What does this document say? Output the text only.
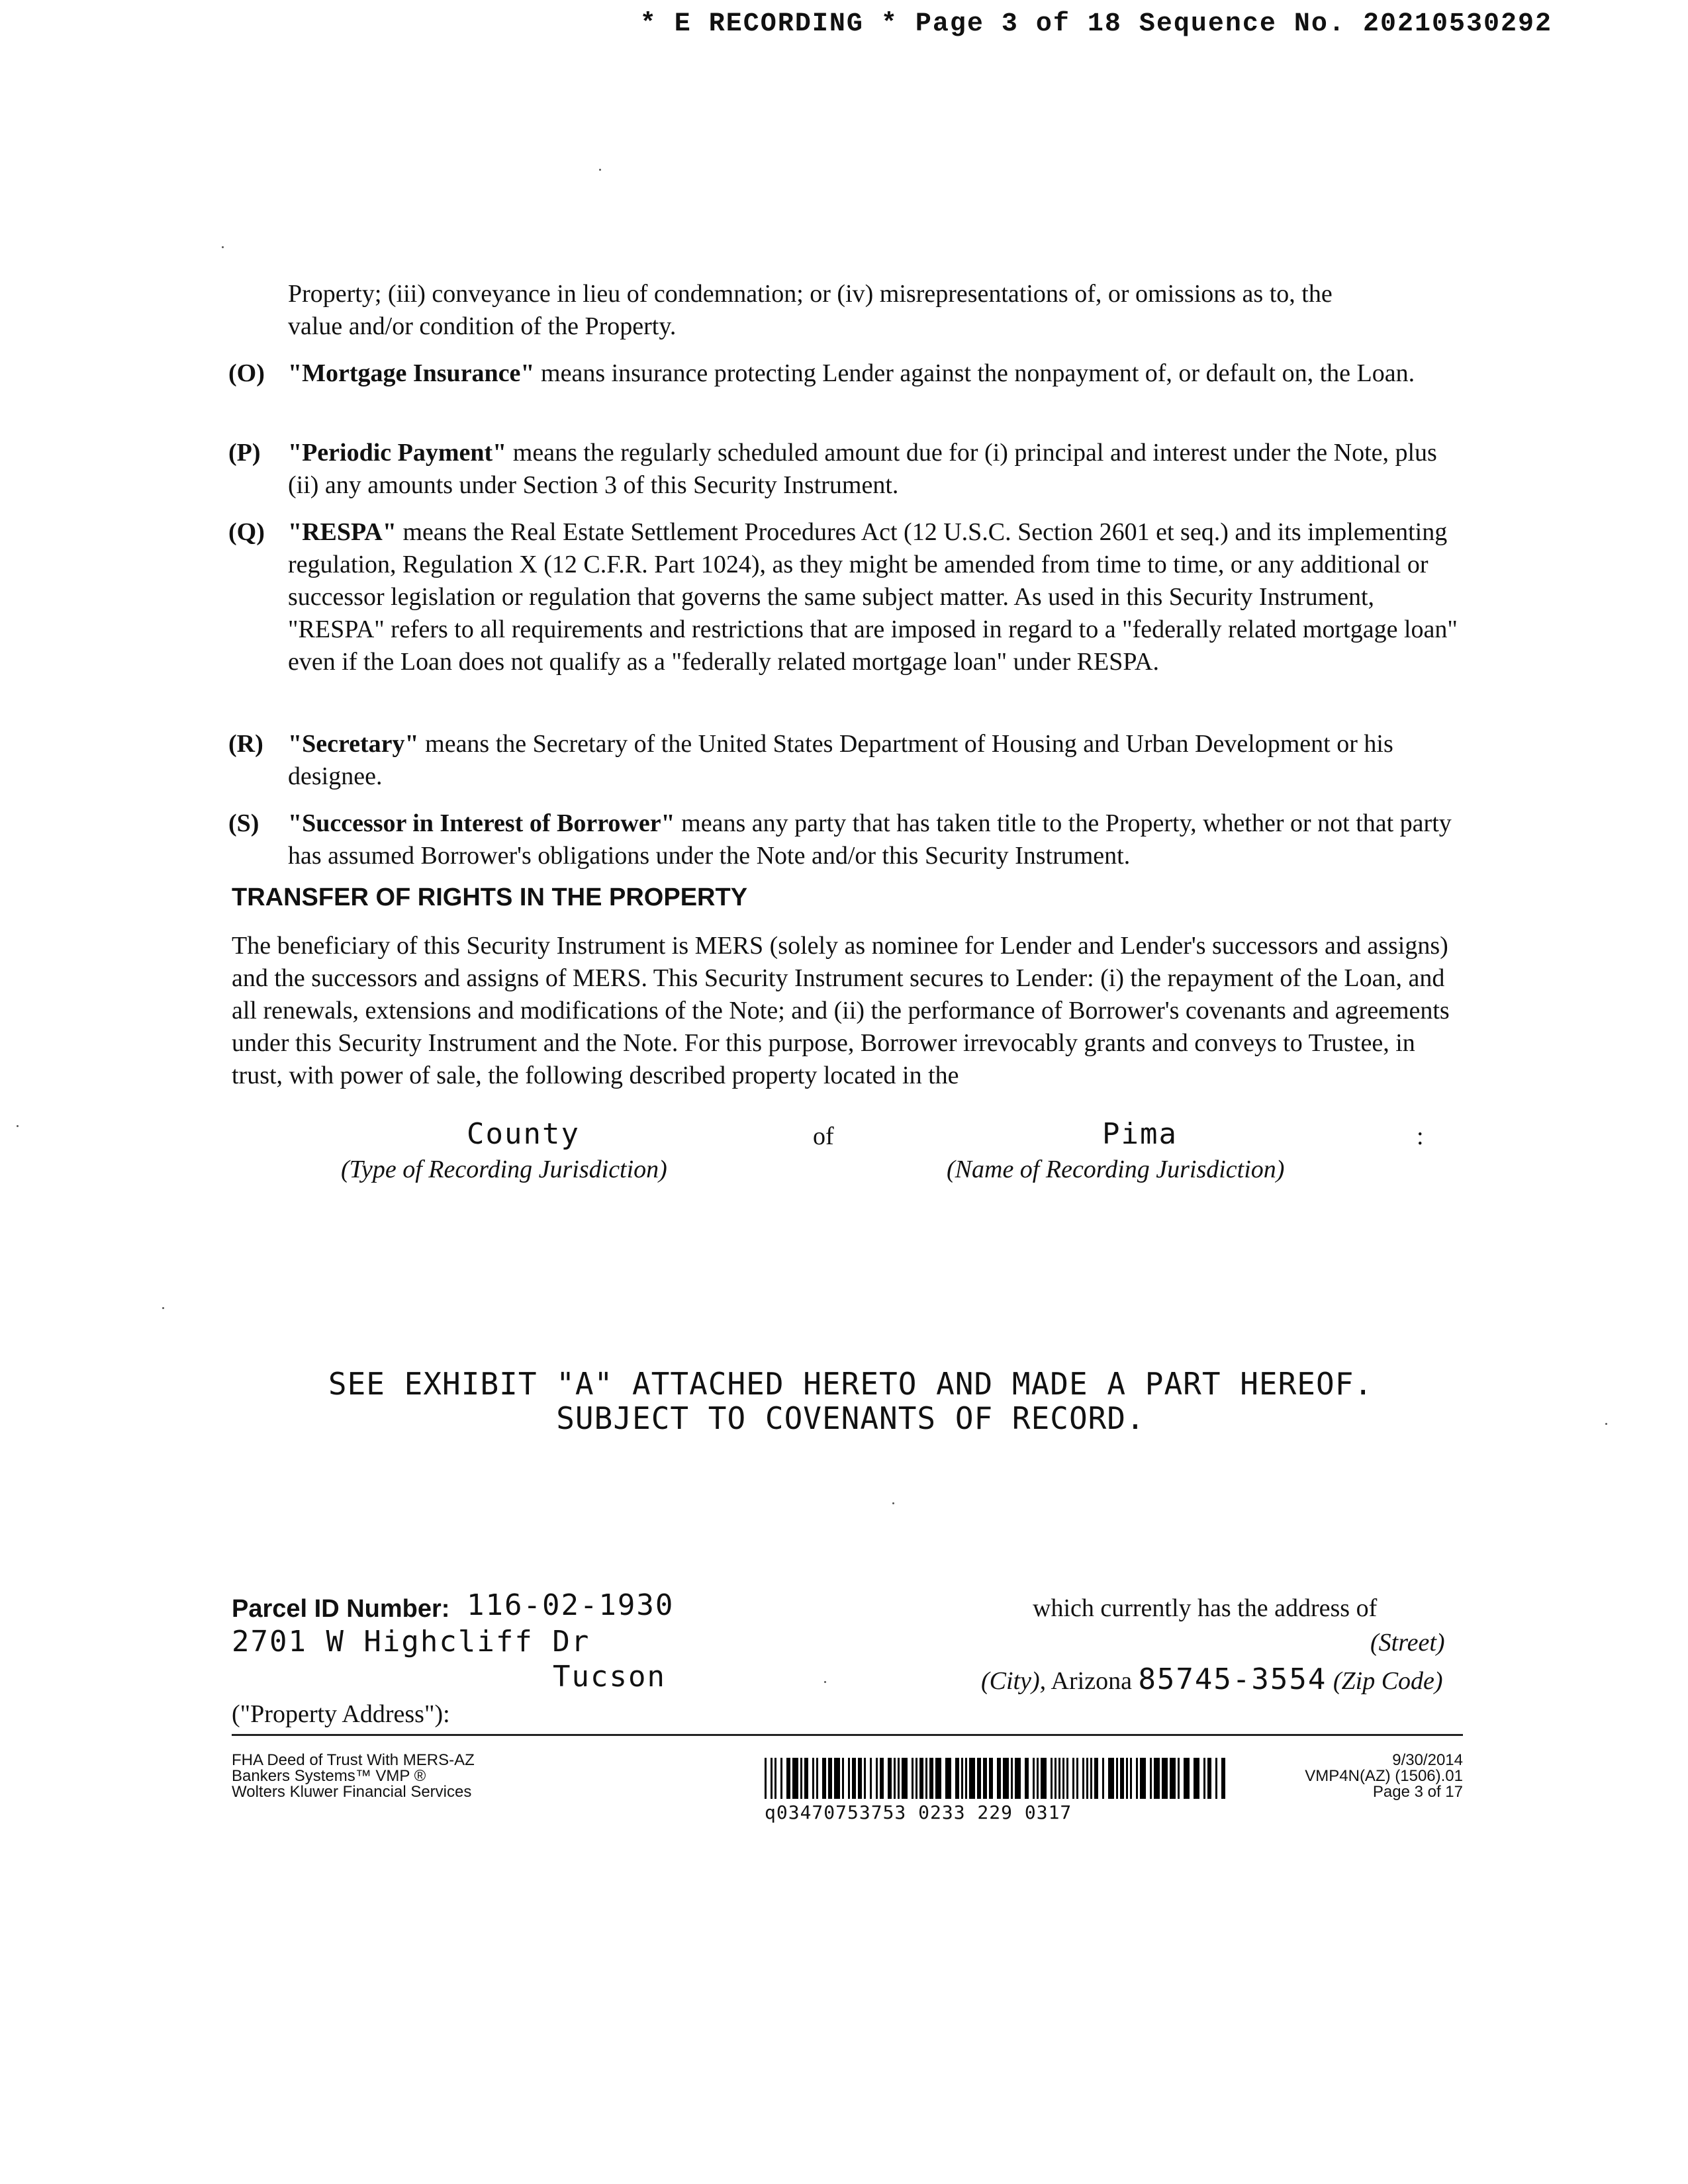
* E RECORDING * Page 3 of 18 Sequence No. 20210530292
Property; (iii) conveyance in lieu of condemnation; or (iv) misrepresentations of, or omissions as to, the
value and/or condition of the Property.
(O) "Mortgage Insurance" means insurance protecting Lender against the nonpayment of, or default on, the Loan.
(P) "Periodic Payment" means the regularly scheduled amount due for (i) principal and interest under the Note, plus (ii) any amounts under Section 3 of this Security Instrument.
(Q) "RESPA" means the Real Estate Settlement Procedures Act (12 U.S.C. Section 2601 et seq.) and its implementing regulation, Regulation X (12 C.F.R. Part 1024), as they might be amended from time to time, or any additional or successor legislation or regulation that governs the same subject matter. As used in this Security Instrument, "RESPA" refers to all requirements and restrictions that are imposed in regard to a "federally related mortgage loan" even if the Loan does not qualify as a "federally related mortgage loan" under RESPA.
(R) "Secretary" means the Secretary of the United States Department of Housing and Urban Development or his designee.
(S) "Successor in Interest of Borrower" means any party that has taken title to the Property, whether or not that party has assumed Borrower's obligations under the Note and/or this Security Instrument.
TRANSFER OF RIGHTS IN THE PROPERTY
The beneficiary of this Security Instrument is MERS (solely as nominee for Lender and Lender's successors and assigns) and the successors and assigns of MERS. This Security Instrument secures to Lender: (i) the repayment of the Loan, and all renewals, extensions and modifications of the Note; and (ii) the performance of Borrower's covenants and agreements under this Security Instrument and the Note. For this purpose, Borrower irrevocably grants and conveys to Trustee, in trust, with power of sale, the following described property located in the
County	of	Pima	:
(Type of Recording Jurisdiction)	(Name of Recording Jurisdiction)
SEE EXHIBIT "A" ATTACHED HERETO AND MADE A PART HEREOF.
SUBJECT TO COVENANTS OF RECORD.
Parcel ID Number: 116-02-1930	which currently has the address of
2701 W Highcliff Dr	(Street)
Tucson	(City), Arizona 85745-3554 (Zip Code)
("Property Address"):
FHA Deed of Trust With MERS-AZ
Bankers Systems™ VMP ®
Wolters Kluwer Financial Services
q03470753753 0233 229 0317
9/30/2014
VMP4N(AZ) (1506).01
Page 3 of 17
